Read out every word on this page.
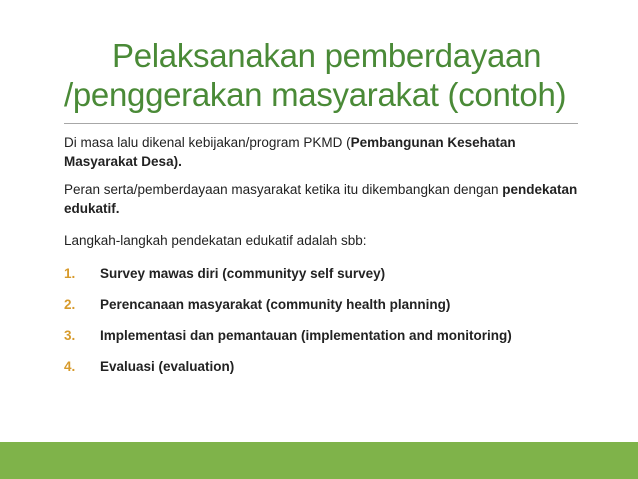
Pelaksanakan pemberdayaan
/penggerakan masyarakat (contoh)

Di masa lalu dikenal kebijakan/program PKMD (Pembangunan Kesehatan Masyarakat Desa).

Peran serta/pemberdayaan masyarakat ketika itu dikembangkan dengan pendekatan edukatif.

Langkah-langkah pendekatan edukatif adalah sbb:

1. Survey mawas diri (communityy self survey)
2. Perencanaan masyarakat (community health planning)
3. Implementasi dan pemantauan (implementation and monitoring)
4. Evaluasi (evaluation)
